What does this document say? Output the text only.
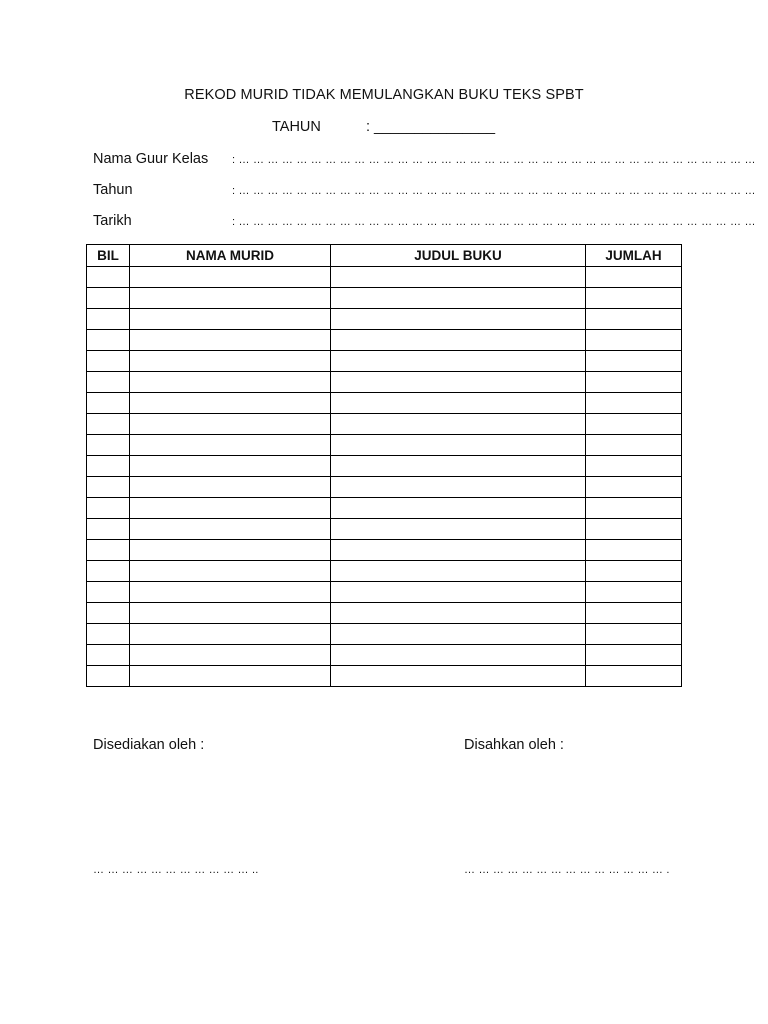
REKOD MURID TIDAK MEMULANGKAN BUKU TEKS SPBT
TAHUN	: _______________
Nama Guur Kelas : … … … … … … … … … … … … … … … … … … … … … … … … … … … … … … … … … … … …
Tahun	: … … … … … … … … … … … … … … … … … … … … … … … … … … … … … … … … … … … …
Tarikh	: … … … … … … … … … … … … … … … … … … … … … … … … … … … … … … … … … … … …
BIL	NAMA MURID	JUDUL BUKU	JUMLAH

Disediakan oleh :	Disahkan oleh :
… … … … … … … … … … … ..	… … … … … … … … … … … … … … .
